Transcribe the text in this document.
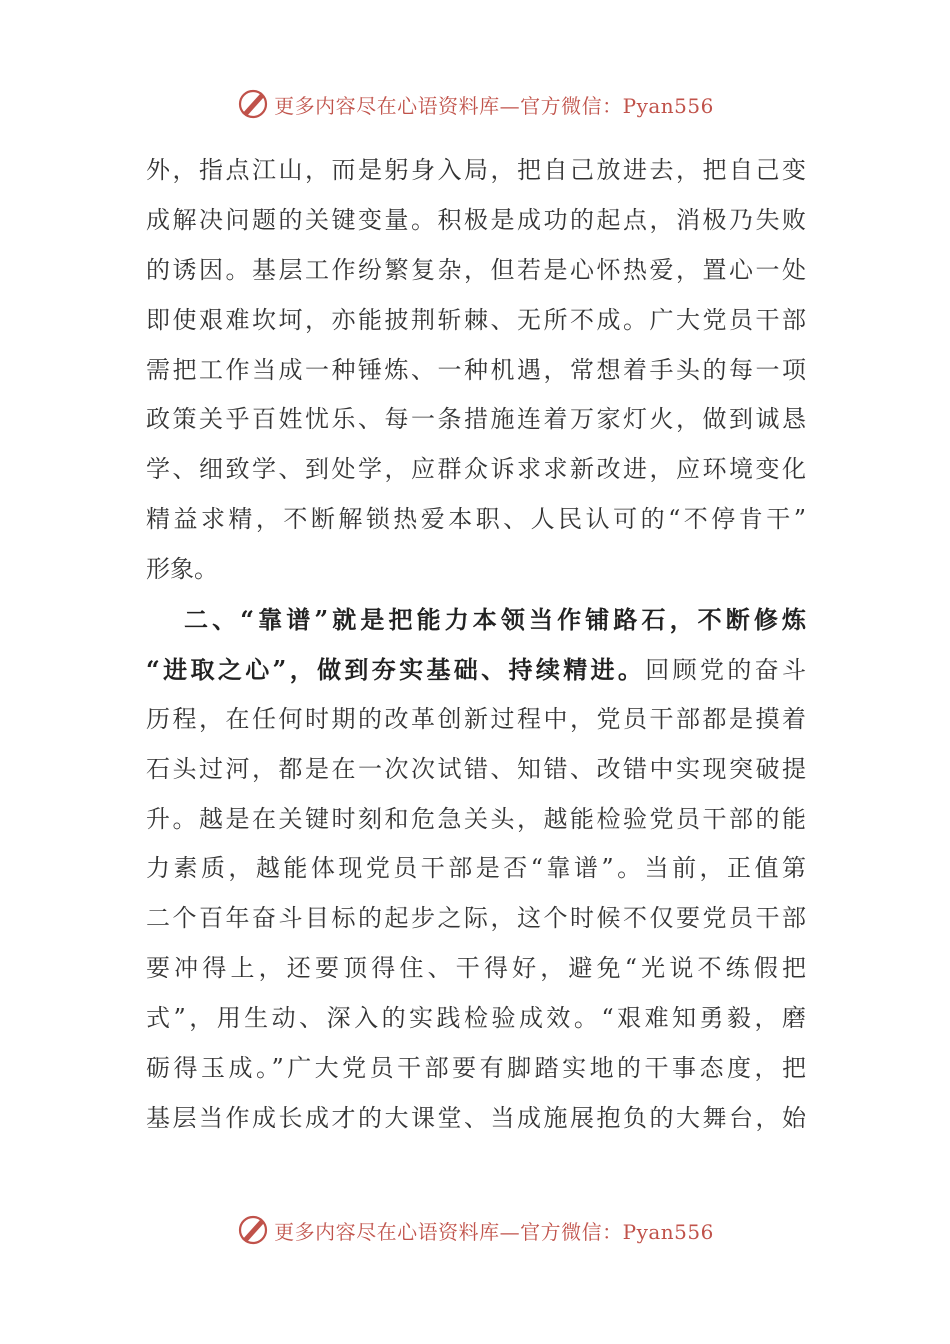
更多内容尽在心语资料库—官方微信：Pyan556
外，指点江山，而是躬身入局，把自己放进去，把自己变
成解决问题的关键变量。积极是成功的起点，消极乃失败
的诱因。基层工作纷繁复杂，但若是心怀热爱，置心一处
即使艰难坎坷，亦能披荆斩棘、无所不成。广大党员干部
需把工作当成一种锤炼、一种机遇，常想着手头的每一项
政策关乎百姓忧乐、每一条措施连着万家灯火，做到诚恳
学、细致学、到处学，应群众诉求求新改进，应环境变化
精益求精，不断解锁热爱本职、人民认可的“不停肯干”
形象。
二、“靠谱”就是把能力本领当作铺路石，不断修炼
“进取之心”，做到夯实基础、持续精进。回顾党的奋斗
历程，在任何时期的改革创新过程中，党员干部都是摸着
石头过河，都是在一次次试错、知错、改错中实现突破提
升。越是在关键时刻和危急关头，越能检验党员干部的能
力素质，越能体现党员干部是否“靠谱”。当前，正值第
二个百年奋斗目标的起步之际，这个时候不仅要党员干部
要冲得上，还要顶得住、干得好，避免“光说不练假把
式”，用生动、深入的实践检验成效。“艰难知勇毅，磨
砺得玉成。”广大党员干部要有脚踏实地的干事态度，把
基层当作成长成才的大课堂、当成施展抱负的大舞台，始
更多内容尽在心语资料库—官方微信：Pyan556
